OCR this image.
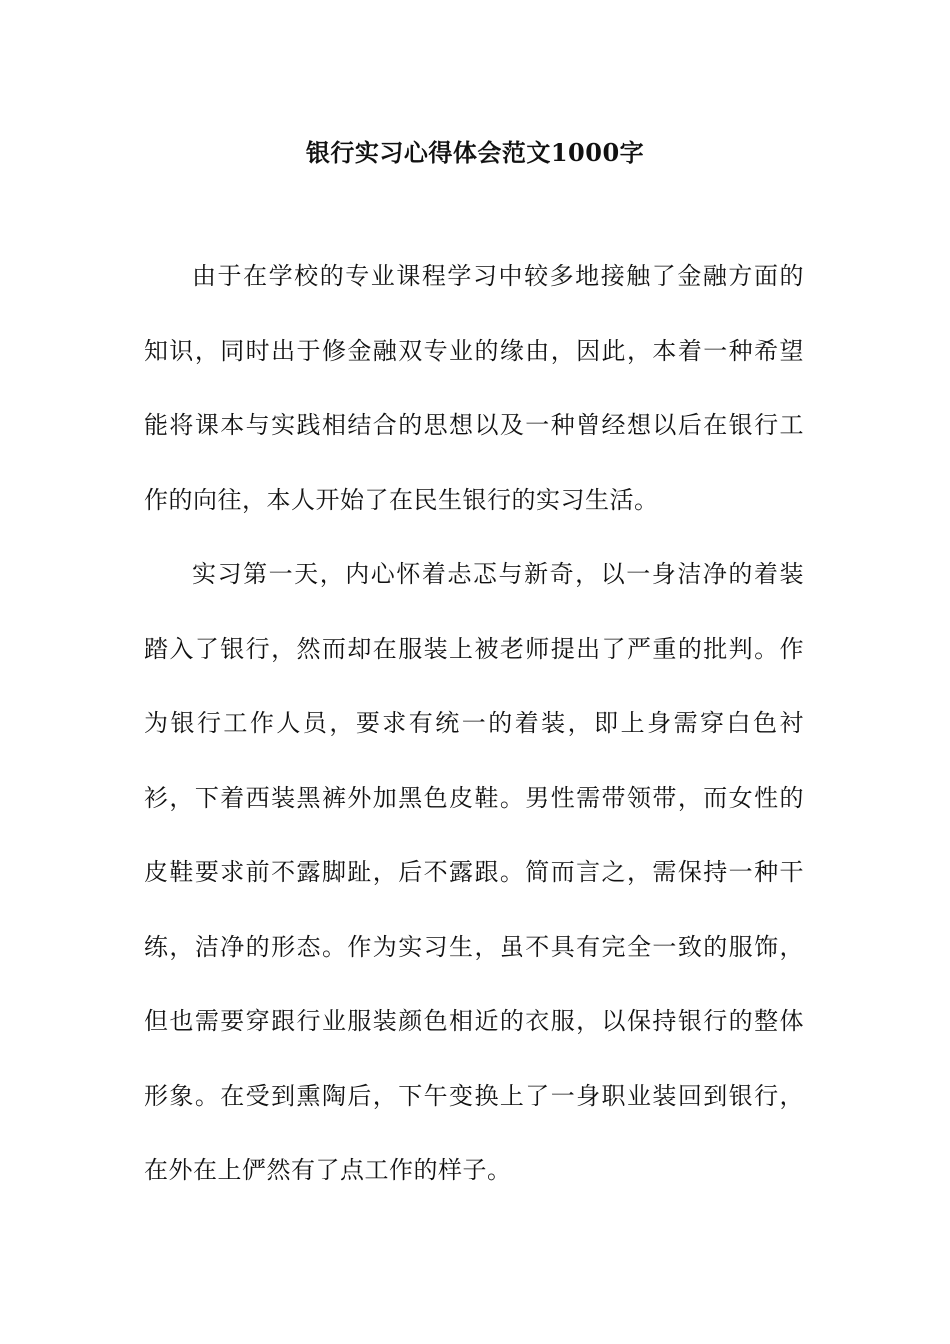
银行实习心得体会范文1000字

由于在学校的专业课程学习中较多地接触了金融方面的知识，同时出于修金融双专业的缘由，因此，本着一种希望能将课本与实践相结合的思想以及一种曾经想以后在银行工作的向往，本人开始了在民生银行的实习生活。

实习第一天，内心怀着忐忑与新奇，以一身洁净的着装踏入了银行，然而却在服装上被老师提出了严重的批判。作为银行工作人员，要求有统一的着装，即上身需穿白色衬衫，下着西装黑裤外加黑色皮鞋。男性需带领带，而女性的皮鞋要求前不露脚趾，后不露跟。简而言之，需保持一种干练，洁净的形态。作为实习生，虽不具有完全一致的服饰，但也需要穿跟行业服装颜色相近的衣服，以保持银行的整体形象。在受到熏陶后，下午变换上了一身职业装回到银行，在外在上俨然有了点工作的样子。
